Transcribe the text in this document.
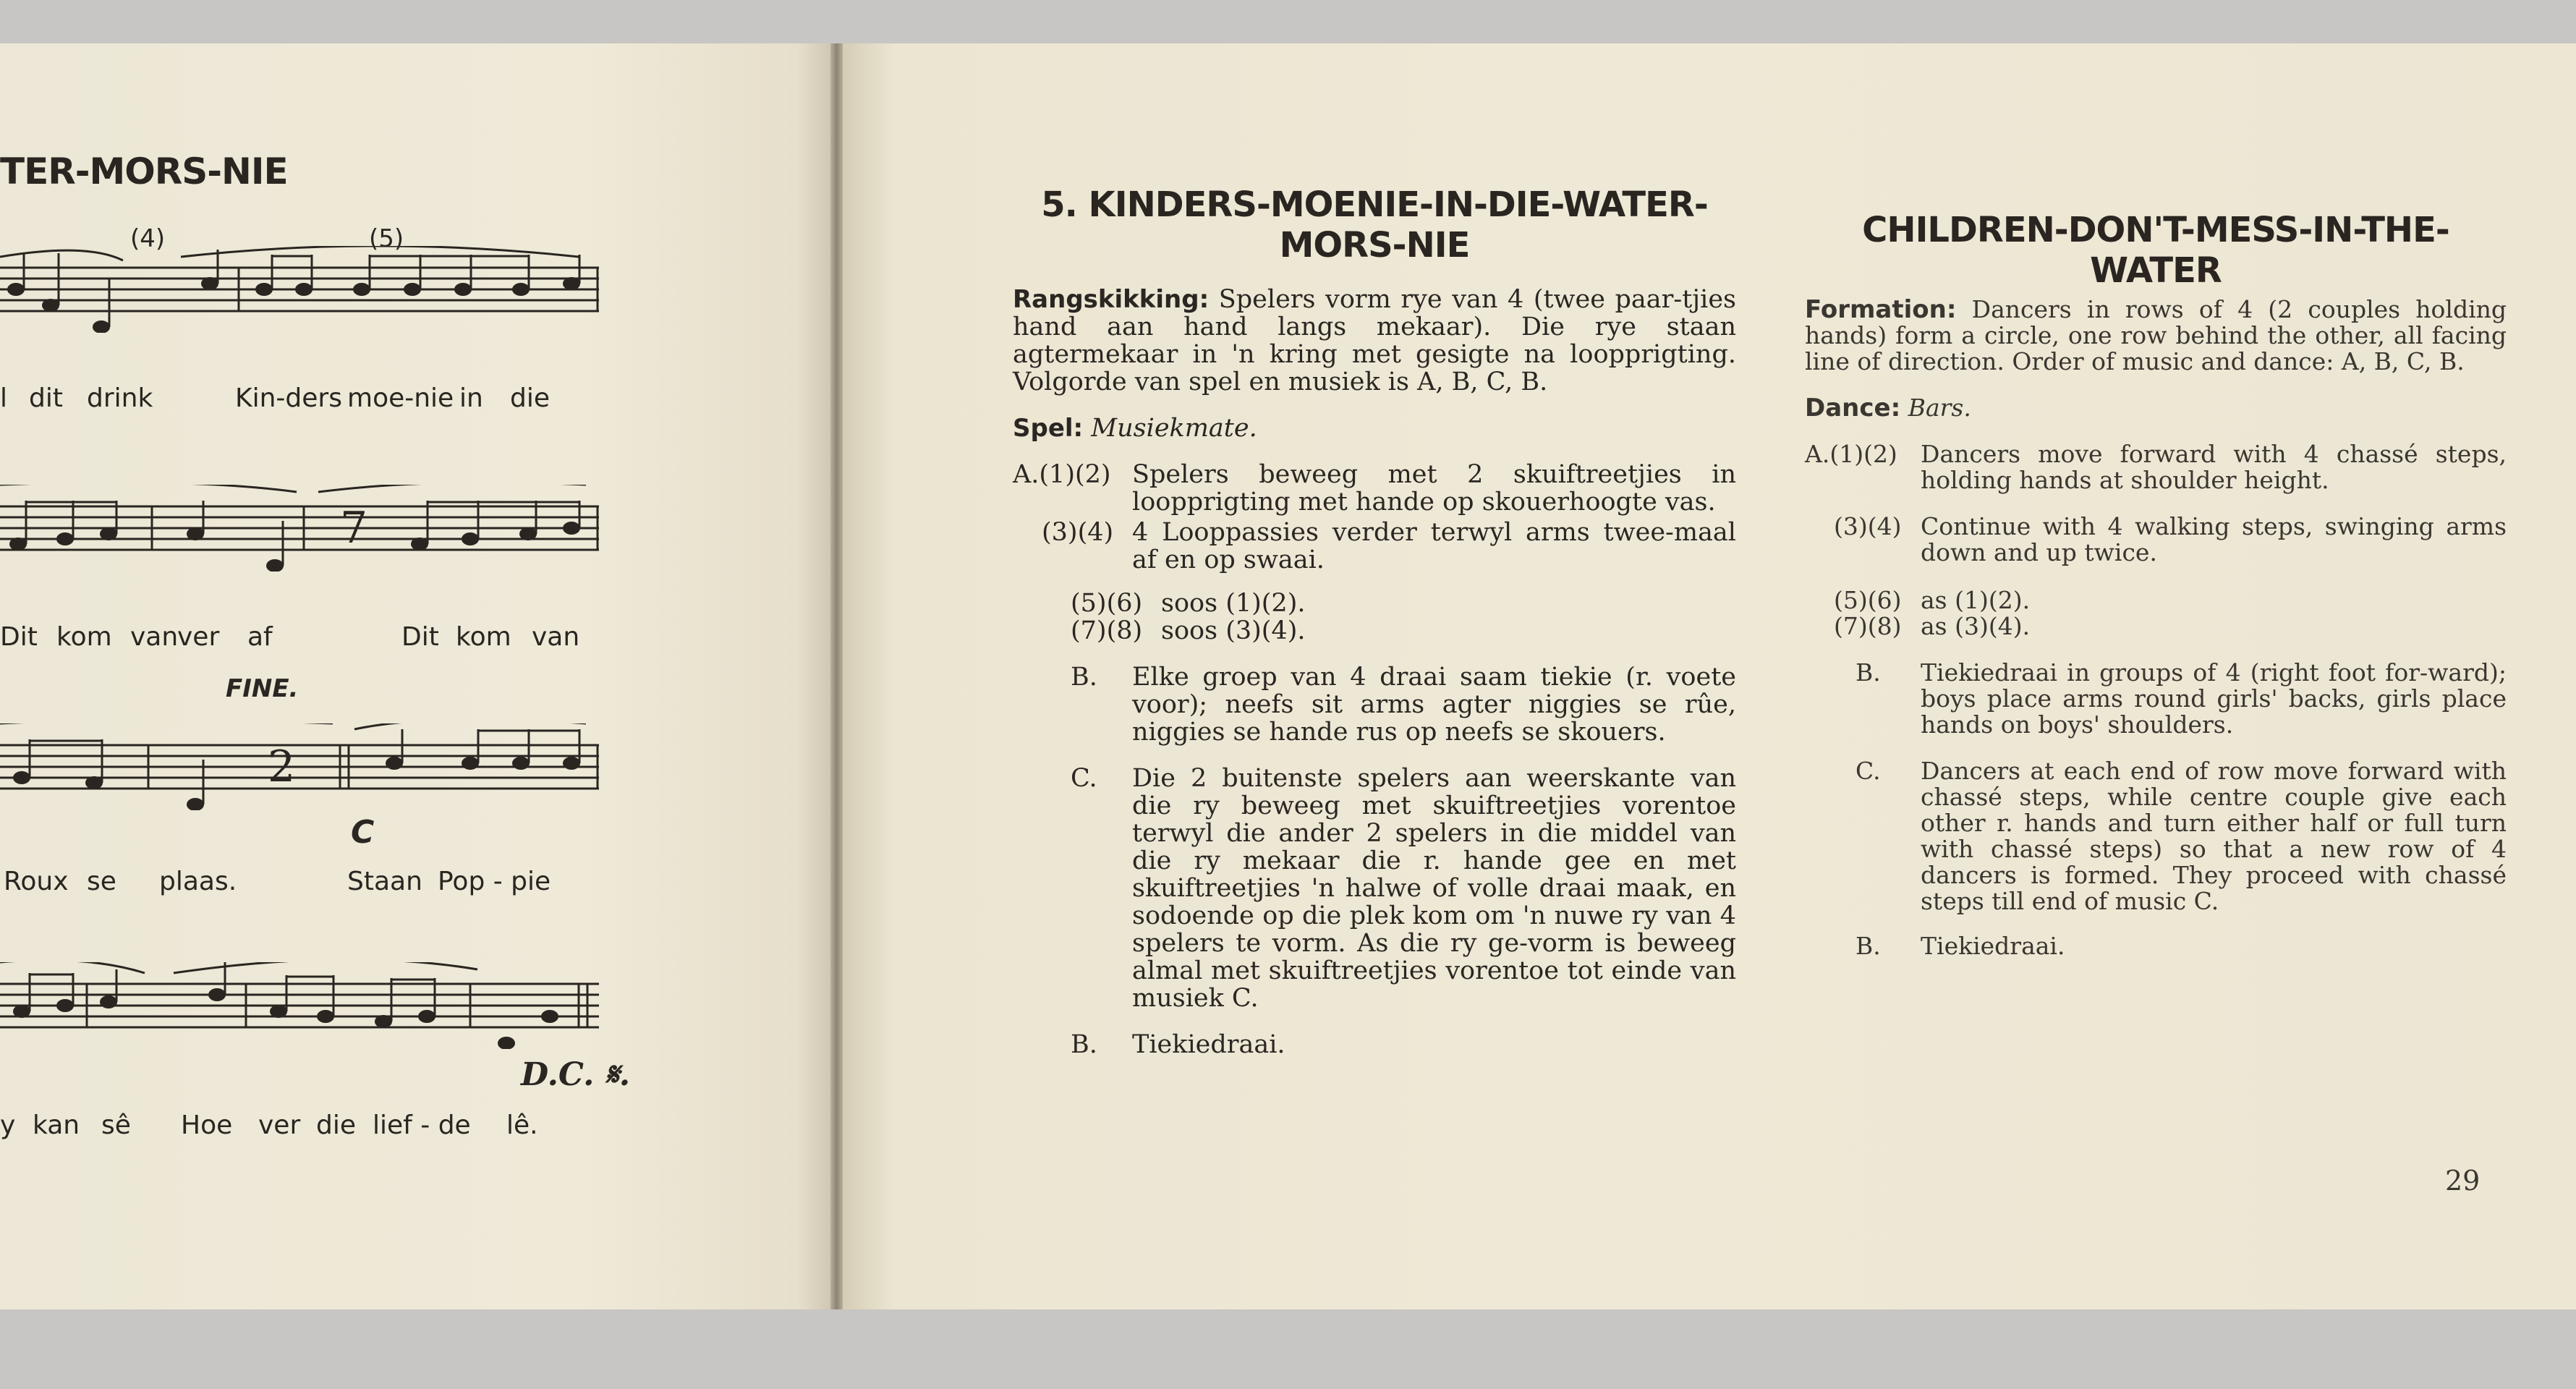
TER-MORS-NIE
(4)	(5)
l dit drink	Kin-ders moe-nie in die
7
Dit kom van
ver af	Dit kom van
FINE.
2
C
Roux se plaas.	Staan Pop - pie
D.C. 𝄋.
y kan sê Hoe ver die lief - de lê.
5. KINDERS-MOENIE-IN-DIE-WATER-
MORS-NIE

Rangskikking: Spelers vorm rye van 4 (twee paar-tjies hand aan hand langs mekaar). Die rye staan agtermekaar in 'n kring met gesigte na loopprigting. Volgorde van spel en musiek is A, B, C, B.

Spel: Musiekmate.

A.(1)(2) Spelers beweeg met 2 skuiftreetjies in loopprigting met hande op skouerhoogte vas.
(3)(4) 4 Looppassies verder terwyl arms twee-maal af en op swaai.
(5)(6) soos (1)(2).
(7)(8) soos (3)(4).
B. Elke groep van 4 draai saam tiekie (r. voete voor); neefs sit arms agter niggies se rûe, niggies se hande rus op neefs se skouers.
C. Die 2 buitenste spelers aan weerskante van die ry beweeg met skuiftreetjies vorentoe terwyl die ander 2 spelers in die middel van die ry mekaar die r. hande gee en met skuiftreetjies 'n halwe of volle draai maak, en sodoende op die plek kom om 'n nuwe ry van 4 spelers te vorm. As die ry ge-vorm is beweeg almal met skuiftreetjies vorentoe tot einde van musiek C.
B. Tiekiedraai.
CHILDREN-DON'T-MESS-IN-THE-WATER

Formation: Dancers in rows of 4 (2 couples holding hands) form a circle, one row behind the other, all facing line of direction. Order of music and dance: A, B, C, B.

Dance: Bars.

A.(1)(2) Dancers move forward with 4 chassé steps, holding hands at shoulder height.
(3)(4) Continue with 4 walking steps, swinging arms down and up twice.
(5)(6) as (1)(2).
(7)(8) as (3)(4).
B. Tiekiedraai in groups of 4 (right foot for-ward); boys place arms round girls' backs, girls place hands on boys' shoulders.
C. Dancers at each end of row move forward with chassé steps, while centre couple give each other r. hands and turn either half or full turn with chassé steps) so that a new row of 4 dancers is formed. They proceed with chassé steps till end of music C.
B. Tiekiedraai.
29
